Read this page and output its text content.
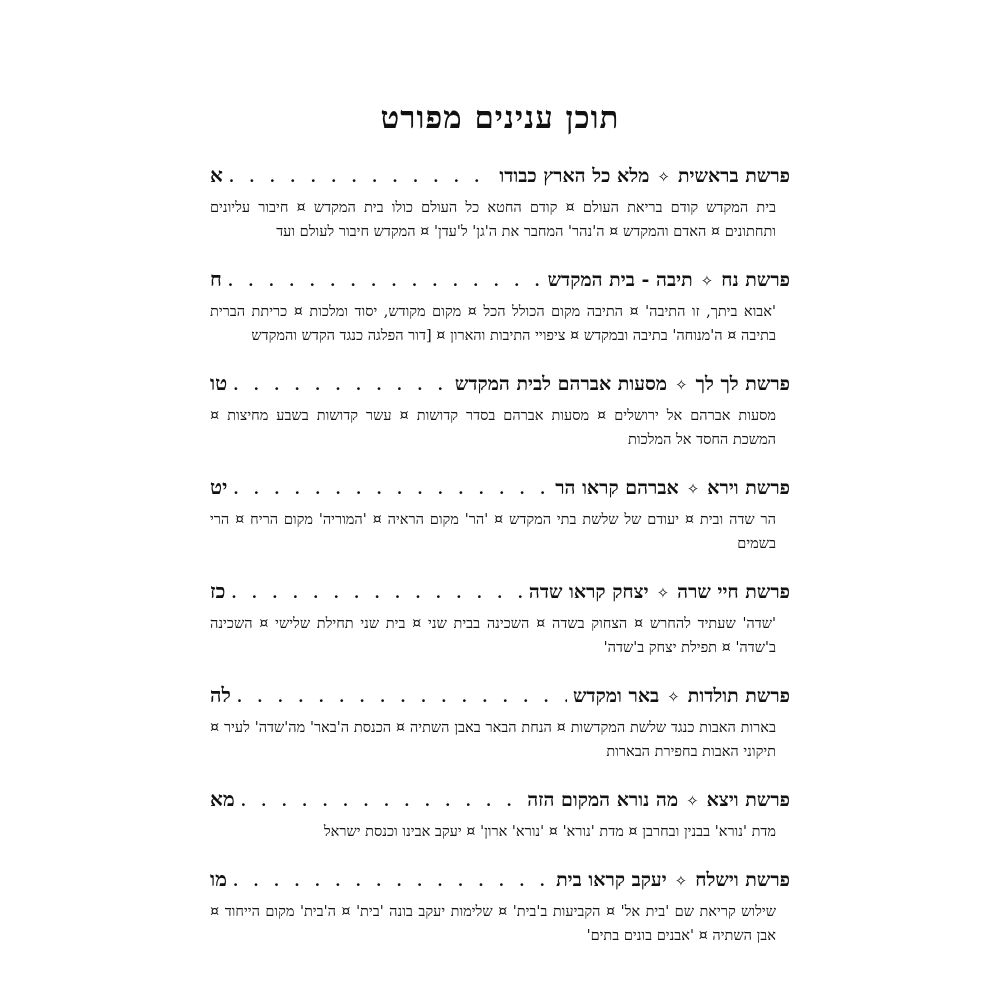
תוכן ענינים מפורט
פרשת בראשית
✧
מלא כל הארץ כבודו
. . .
א

בית המקדש קודם בריאת העולם ¤ קודם החטא כל העולם כולו בית המקדש ¤ חיבור עליונים ותחתונים ¤ האדם והמקדש ¤ ה'נהר' המחבר את ה'גן' ל'עדן' ¤ המקדש חיבור לעולם ועד

פרשת נח
✧
תיבה - בית המקדש
. . .
ח

'אבוא ביתך, זו התיבה' ¤ התיבה מקום הכולל הכל ¤ מקום מקודש, יסוד ומלכות ¤ כריתת הברית בתיבה ¤ ה'מנוחה' בתיבה ובמקדש ¤ ציפויי התיבות והארון ¤ [דור הפלגה כנגד הקדש והמקדש

פרשת לך לך
✧
מסעות אברהם לבית המקדש
. . .
טו

מסעות אברהם אל ירושלים ¤ מסעות אברהם בסדר קדושות ¤ עשר קדושות בשבע מחיצות ¤ המשכת החסד אל המלכות

פרשת וירא
✧
אברהם קראו הר
. . .
יט

הר שדה ובית ¤ יעודם של שלשת בתי המקדש ¤ 'הר' מקום הראיה ¤ 'המוריה' מקום הריח ¤ הרי בשמים

פרשת חיי שרה
✧
יצחק קראו שדה
. . .
כז

'שדה' שעתיד להחרש ¤ הצחוק בשדה ¤ השכינה בבית שני ¤ בית שני תחילת שלישי ¤ השכינה ב'שדה' ¤ תפילת יצחק ב'שדה'

פרשת תולדות
✧
באר ומקדש
. . .
לה

בארות האבות כנגד שלשת המקדשות ¤ הנחת הבאר באבן השתיה ¤ הכנסת ה'באר' מה'שדה' לעיר ¤ תיקוני האבות בחפירת הבארות

פרשת ויצא
✧
מה נורא המקום הזה
. . .
מא

מדת 'נורא' בבנין ובחרבן ¤ מדת 'נורא' ¤ 'נורא' ארון' ¤ יעקב אבינו וכנסת ישראל

פרשת וישלח
✧
יעקב קראו בית
. . .
מו

שילוש קריאת שם 'בית אל' ¤ הקביעות ב'בית' ¤ שלימות יעקב בונה 'בית' ¤ ה'בית' מקום הייחוד ¤ אבן השתיה ¤ 'אבנים בונים בתים'
